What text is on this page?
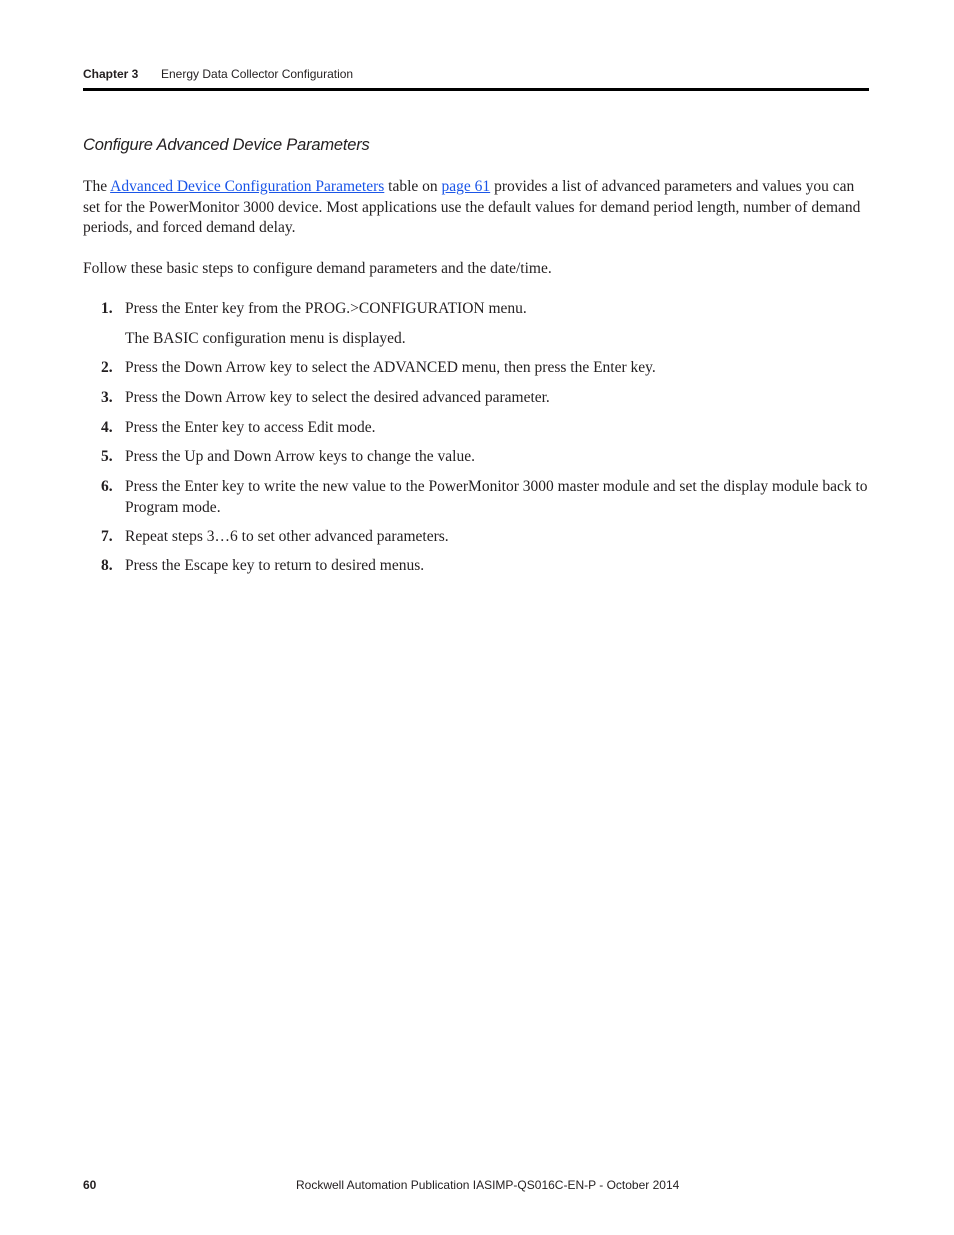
Chapter 3 Energy Data Collector Configuration
Configure Advanced Device Parameters

The Advanced Device Configuration Parameters table on page 61 provides a list of advanced parameters and values you can set for the PowerMonitor 3000 device. Most applications use the default values for demand period length, number of demand periods, and forced demand delay.

Follow these basic steps to configure demand parameters and the date/time.

1. Press the Enter key from the PROG.>CONFIGURATION menu.
The BASIC configuration menu is displayed.
2. Press the Down Arrow key to select the ADVANCED menu, then press the Enter key.
3. Press the Down Arrow key to select the desired advanced parameter.
4. Press the Enter key to access Edit mode.
5. Press the Up and Down Arrow keys to change the value.
6. Press the Enter key to write the new value to the PowerMonitor 3000 master module and set the display module back to Program mode.
7. Repeat steps 3…6 to set other advanced parameters.
8. Press the Escape key to return to desired menus.
60	Rockwell Automation Publication IASIMP-QS016C-EN-P - October 2014
